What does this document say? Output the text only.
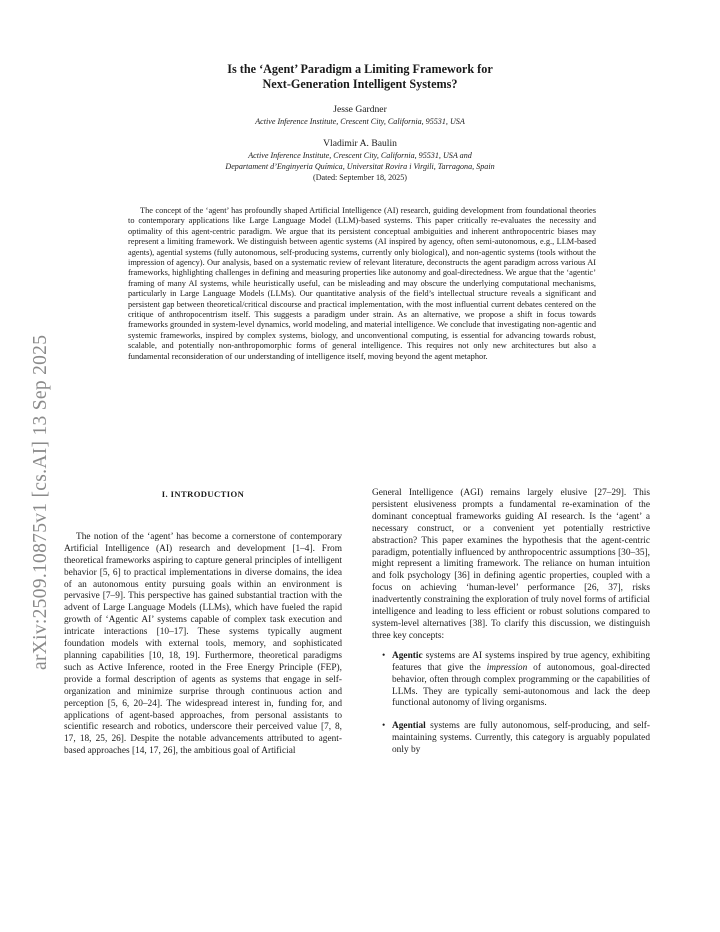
arXiv:2509.10875v1 [cs.AI] 13 Sep 2025
Is the ‘Agent’ Paradigm a Limiting Framework for
Next-Generation Intelligent Systems?
Jesse Gardner
Active Inference Institute, Crescent City, California, 95531, USA
Vladimir A. Baulin
Active Inference Institute, Crescent City, California, 95531, USA and
Departament d’Enginyeria Química, Universitat Rovira i Virgili, Tarragona, Spain
(Dated: September 18, 2025)

The concept of the ‘agent’ has profoundly shaped Artificial Intelligence (AI) research, guiding development from foundational theories to contemporary applications like Large Language Model (LLM)-based systems. This paper critically re-evaluates the necessity and optimality of this agent-centric paradigm. We argue that its persistent conceptual ambiguities and inherent anthropocentric biases may represent a limiting framework. We distinguish between agentic systems (AI inspired by agency, often semi-autonomous, e.g., LLM-based agents), agential systems (fully autonomous, self-producing systems, currently only biological), and non-agentic systems (tools without the impression of agency). Our analysis, based on a systematic review of relevant literature, deconstructs the agent paradigm across various AI frameworks, highlighting challenges in defining and measuring properties like autonomy and goal-directedness. We argue that the ‘agentic’ framing of many AI systems, while heuristically useful, can be misleading and may obscure the underlying computational mechanisms, particularly in Large Language Models (LLMs). Our quantitative analysis of the field’s intellectual structure reveals a significant and persistent gap between theoretical/critical discourse and practical implementation, with the most influential current debates centered on the critique of anthropocentrism itself. This suggests a paradigm under strain. As an alternative, we propose a shift in focus towards frameworks grounded in system-level dynamics, world modeling, and material intelligence. We conclude that investigating non-agentic and systemic frameworks, inspired by complex systems, biology, and unconventional computing, is essential for advancing towards robust, scalable, and potentially non-anthropomorphic forms of general intelligence. This requires not only new architectures but also a fundamental reconsideration of our understanding of intelligence itself, moving beyond the agent metaphor.

I. INTRODUCTION

The notion of the ‘agent’ has become a cornerstone of contemporary Artificial Intelligence (AI) research and development [1–4]. From theoretical frameworks aspiring to capture general principles of intelligent behavior [5, 6] to practical implementations in diverse domains, the idea of an autonomous entity pursuing goals within an environment is pervasive [7–9]. This perspective has gained substantial traction with the advent of Large Language Models (LLMs), which have fueled the rapid growth of ‘Agentic AI’ systems capable of complex task execution and intricate interactions [10–17]. These systems typically augment foundation models with external tools, memory, and sophisticated planning capabilities [10, 18, 19]. Furthermore, theoretical paradigms such as Active Inference, rooted in the Free Energy Principle (FEP), provide a formal description of agents as systems that engage in self-organization and minimize surprise through continuous action and perception [5, 6, 20–24]. The widespread interest in, funding for, and applications of agent-based approaches, from personal assistants to scientific research and robotics, underscore their perceived value [7, 8, 17, 18, 25, 26]. Despite the notable advancements attributed to agent-based approaches [14, 17, 26], the ambitious goal of Artificial

General Intelligence (AGI) remains largely elusive [27–29]. This persistent elusiveness prompts a fundamental re-examination of the dominant conceptual frameworks guiding AI research. Is the ‘agent’ a necessary construct, or a convenient yet potentially restrictive abstraction? This paper examines the hypothesis that the agent-centric paradigm, potentially influenced by anthropocentric assumptions [30–35], might represent a limiting framework. The reliance on human intuition and folk psychology [36] in defining agentic properties, coupled with a focus on achieving ‘human-level’ performance [26, 37], risks inadvertently constraining the exploration of truly novel forms of artificial intelligence and leading to less efficient or robust solutions compared to system-level alternatives [38]. To clarify this discussion, we distinguish three key concepts:

• Agentic systems are AI systems inspired by true agency, exhibiting features that give the impression of autonomous, goal-directed behavior, often through complex programming or the capabilities of LLMs. They are typically semi-autonomous and lack the deep functional autonomy of living organisms.
• Agential systems are fully autonomous, self-producing, and self-maintaining systems. Currently, this category is arguably populated only by
